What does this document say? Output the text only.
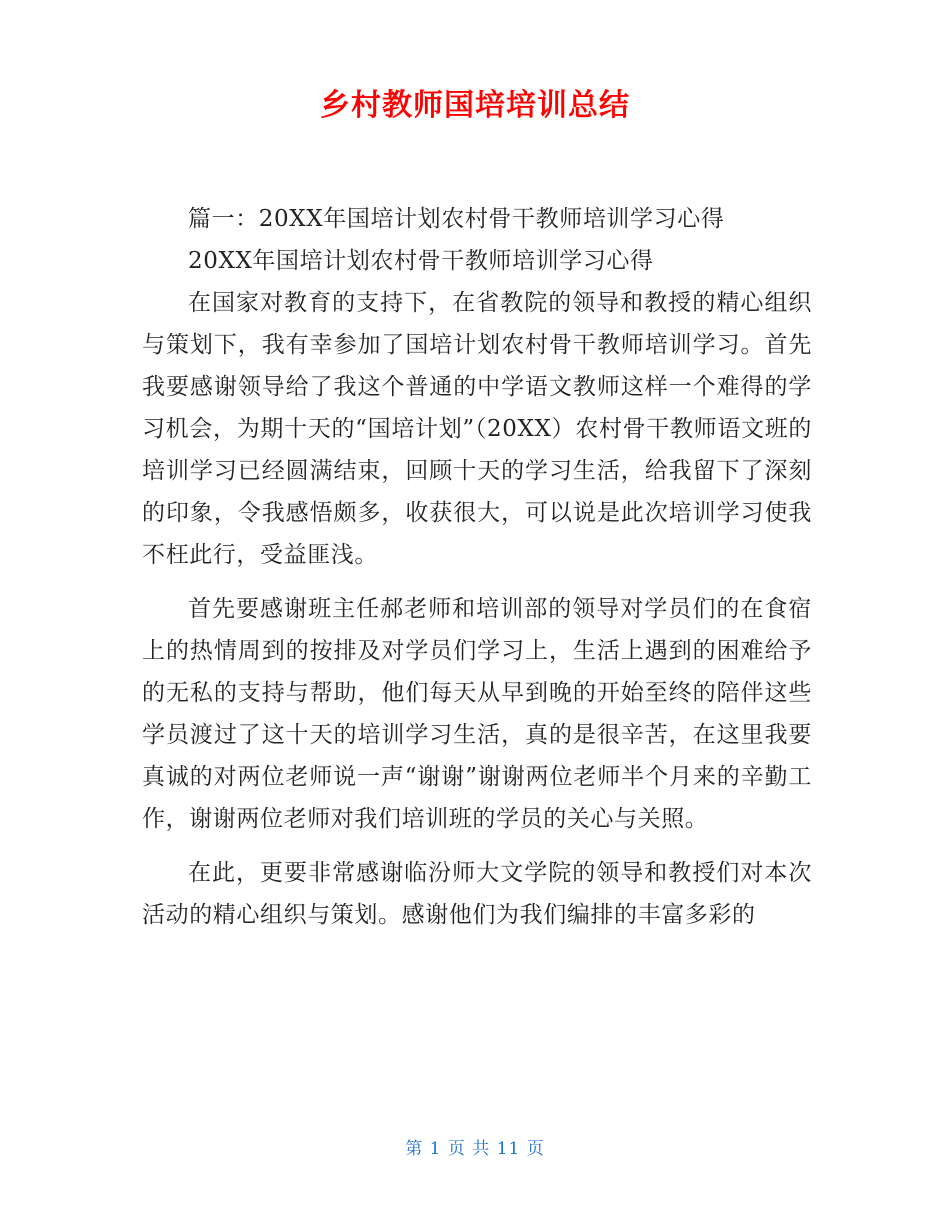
乡村教师国培培训总结

篇一：20XX年国培计划农村骨干教师培训学习心得

20XX年国培计划农村骨干教师培训学习心得

在国家对教育的支持下，在省教院的领导和教授的精心组织与策划下，我有幸参加了国培计划农村骨干教师培训学习。首先我要感谢领导给了我这个普通的中学语文教师这样一个难得的学习机会，为期十天的“国培计划”（20XX）农村骨干教师语文班的培训学习已经圆满结束，回顾十天的学习生活，给我留下了深刻的印象，令我感悟颇多，收获很大，可以说是此次培训学习使我不枉此行，受益匪浅。

首先要感谢班主任郝老师和培训部的领导对学员们的在食宿上的热情周到的按排及对学员们学习上，生活上遇到的困难给予的无私的支持与帮助，他们每天从早到晚的开始至终的陪伴这些学员渡过了这十天的培训学习生活，真的是很辛苦，在这里我要真诚的对两位老师说一声“谢谢”谢谢两位老师半个月来的辛勤工作，谢谢两位老师对我们培训班的学员的关心与关照。

在此，更要非常感谢临汾师大文学院的领导和教授们对本次活动的精心组织与策划。感谢他们为我们编排的丰富多彩的

第 1 页 共 11 页
